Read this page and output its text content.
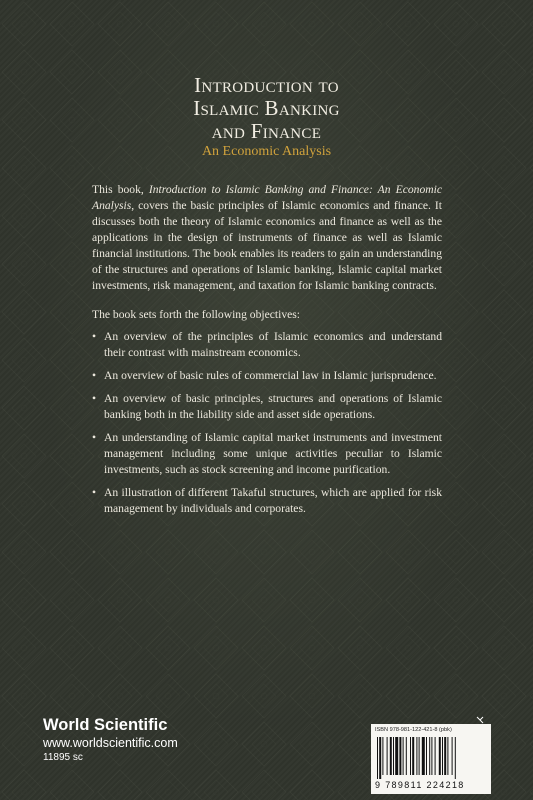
Introduction to
Islamic Banking
and Finance
An Economic Analysis

This book, Introduction to Islamic Banking and Finance: An Economic Analysis, covers the basic principles of Islamic economics and finance. It discusses both the theory of Islamic economics and finance as well as the applications in the design of instruments of finance as well as Islamic financial institutions. The book enables its readers to gain an understanding of the structures and operations of Islamic banking, Islamic capital market investments, risk management, and taxation for Islamic banking contracts.

The book sets forth the following objectives:

• An overview of the principles of Islamic economics and understand their contrast with mainstream economics.
• An overview of basic rules of commercial law in Islamic jurisprudence.
• An overview of basic principles, structures and operations of Islamic banking both in the liability side and asset side operations.
• An understanding of Islamic capital market instruments and investment management including some unique activities peculiar to Islamic investments, such as stock screening and income purification.
• An illustration of different Takaful structures, which are applied for risk management by individuals and corporates.
World Scientific
www.worldscientific.com
11895 sc
ISBN 978-981-122-421-8 (pbk)
9 789811 224218
